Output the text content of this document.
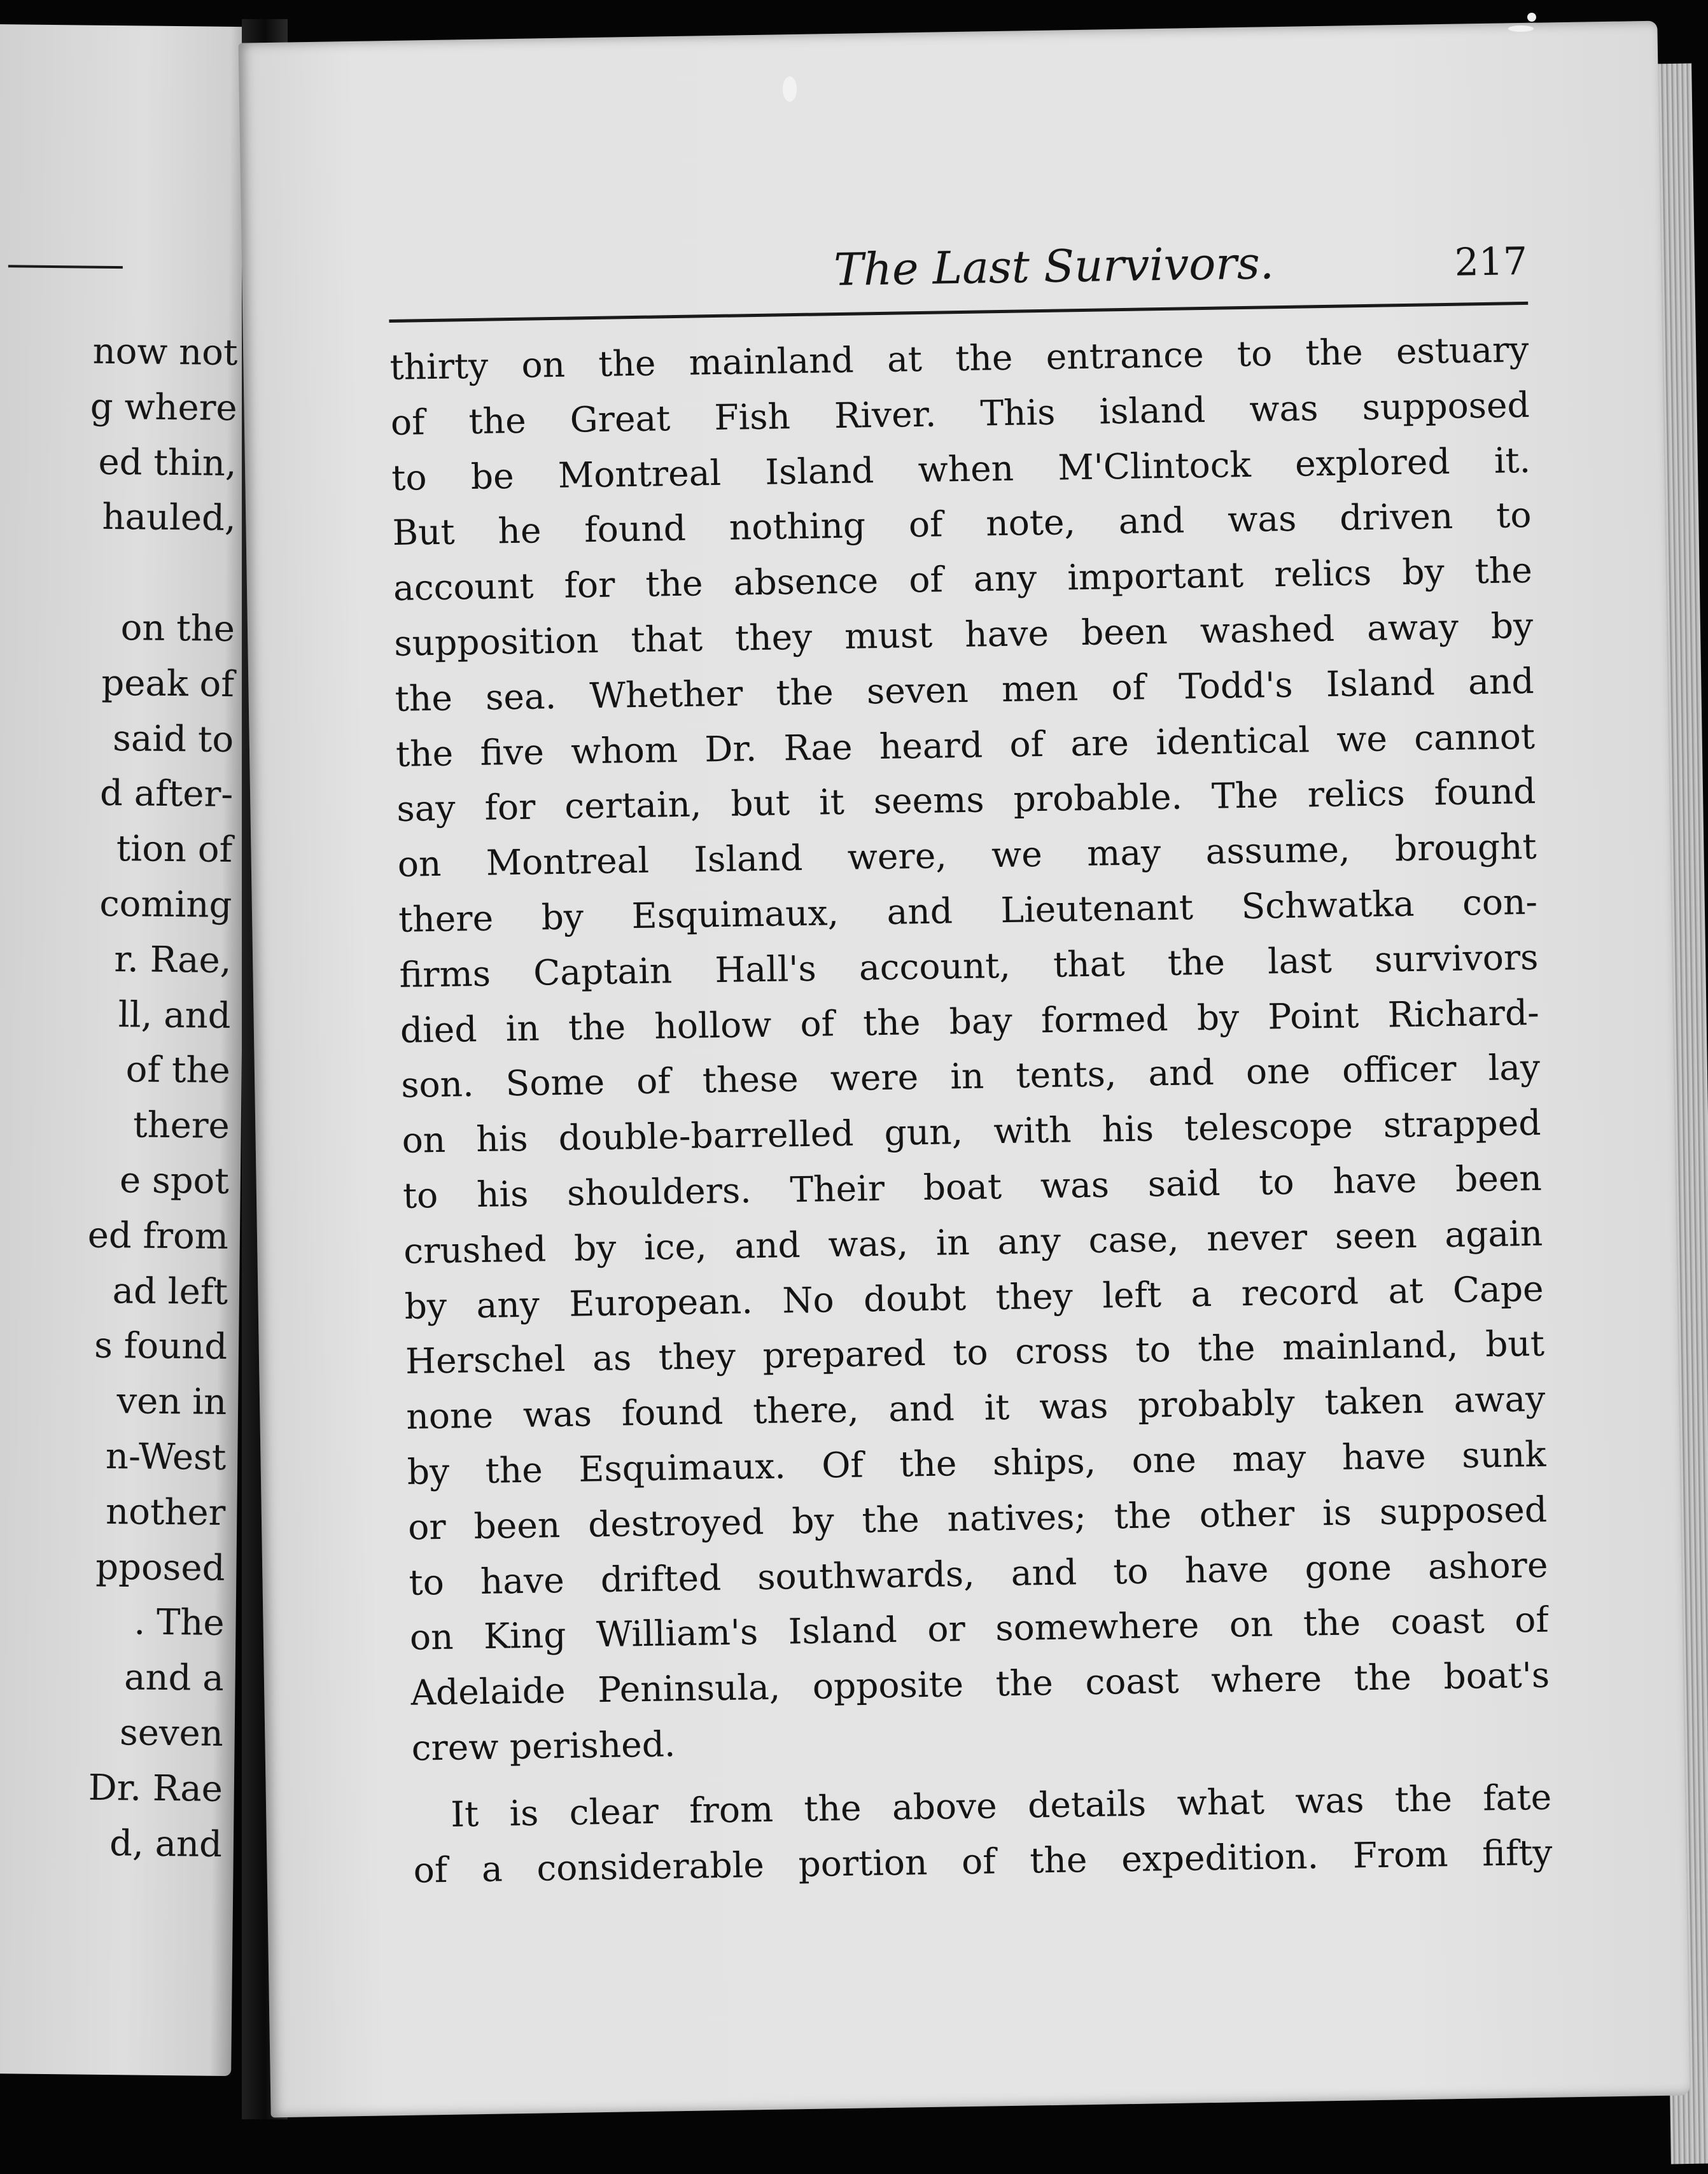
now not
g where
ed thin,
hauled,

on the
peak of
said to
d after-
tion of
coming
r. Rae,
ll, and
of the
there
e spot
ed from
ad left
s found
ven in
n-West
nother
pposed
. The
and a
seven
Dr. Rae
d, and
The Last Survivors.	217
thirty on the mainland at the entrance to the estuary
of the Great Fish River. This island was supposed
to be Montreal Island when M'Clintock explored it.
But he found nothing of note, and was driven to
account for the absence of any important relics by the
supposition that they must have been washed away by
the sea. Whether the seven men of Todd's Island and
the five whom Dr. Rae heard of are identical we cannot
say for certain, but it seems probable. The relics found
on Montreal Island were, we may assume, brought
there by Esquimaux, and Lieutenant Schwatka con-
firms Captain Hall's account, that the last survivors
died in the hollow of the bay formed by Point Richard-
son. Some of these were in tents, and one officer lay
on his double-barrelled gun, with his telescope strapped
to his shoulders. Their boat was said to have been
crushed by ice, and was, in any case, never seen again
by any European. No doubt they left a record at Cape
Herschel as they prepared to cross to the mainland, but
none was found there, and it was probably taken away
by the Esquimaux. Of the ships, one may have sunk
or been destroyed by the natives; the other is supposed
to have drifted southwards, and to have gone ashore
on King William's Island or somewhere on the coast of
Adelaide Peninsula, opposite the coast where the boat's
crew perished.
It is clear from the above details what was the fate
of a considerable portion of the expedition. From fifty
